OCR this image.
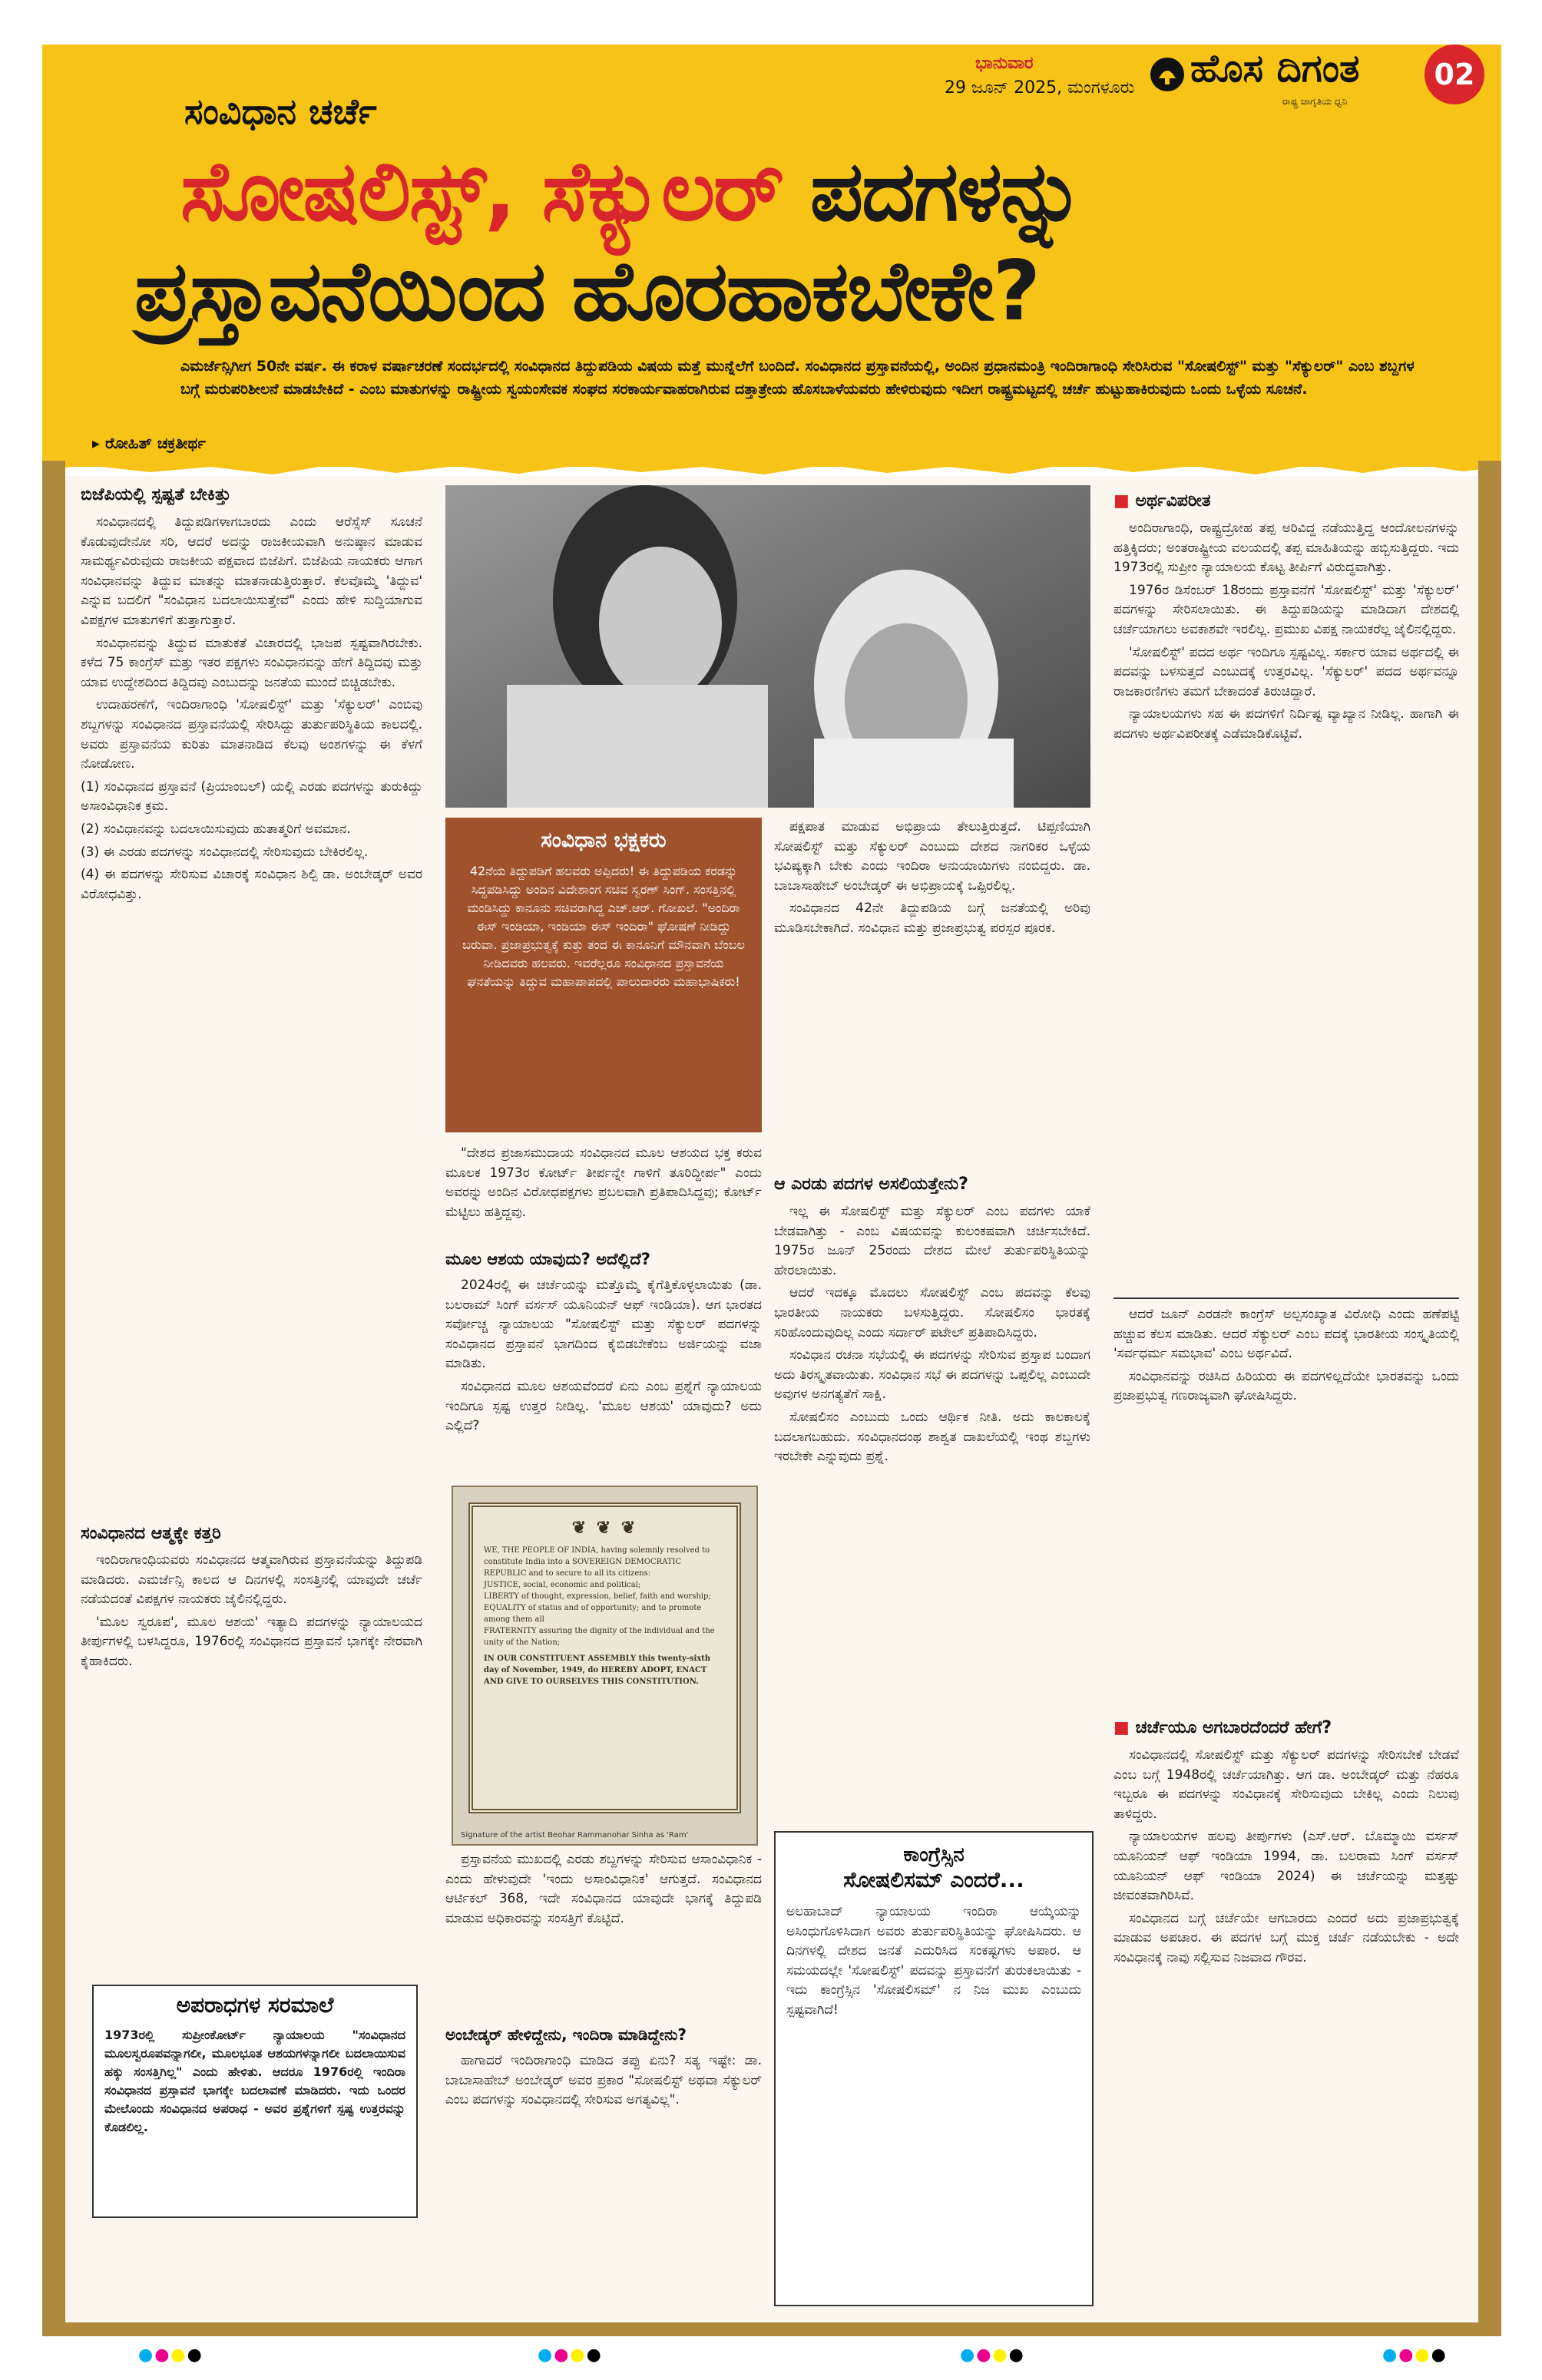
ಭಾನುವಾರ
29 ಜೂನ್ 2025, ಮಂಗಳೂರು ಹೊಸ ದಿಗಂತ
ರಾಷ್ಟ್ರ ಜಾಗೃತಿಯ ಧ್ವನಿ
02
ಸಂವಿಧಾನ ಚರ್ಚೆ
ಸೋಷಲಿಸ್ಟ್, ಸೆಕ್ಯುಲರ್ ಪದಗಳನ್ನು
ಪ್ರಸ್ತಾವನೆಯಿಂದ ಹೊರಹಾಕಬೇಕೇ?
ಎಮರ್ಜೆನ್ಸಿಗೀಗ 50ನೇ ವರ್ಷ. ಈ ಕರಾಳ ವರ್ಷಾಚರಣೆ ಸಂದರ್ಭದಲ್ಲಿ ಸಂವಿಧಾನದ ತಿದ್ದುಪಡಿಯ ವಿಷಯ ಮತ್ತೆ ಮುನ್ನೆಲೆಗೆ ಬಂದಿದೆ. ಸಂವಿಧಾನದ ಪ್ರಸ್ತಾವನೆಯಲ್ಲಿ, ಅಂದಿನ ಪ್ರಧಾನಮಂತ್ರಿ ಇಂದಿರಾಗಾಂಧಿ ಸೇರಿಸಿರುವ "ಸೋಷಲಿಸ್ಟ್" ಮತ್ತು "ಸೆಕ್ಯುಲರ್" ಎಂಬ ಶಬ್ದಗಳ ಬಗ್ಗೆ ಮರುಪರಿಶೀಲನೆ ಮಾಡಬೇಕಿದೆ - ಎಂಬ ಮಾತುಗಳನ್ನು ರಾಷ್ಟ್ರೀಯ ಸ್ವಯಂಸೇವಕ ಸಂಘದ ಸರಕಾರ್ಯವಾಹರಾಗಿರುವ ದತ್ತಾತ್ರೇಯ ಹೊಸಬಾಳೆಯವರು ಹೇಳಿರುವುದು ಇದೀಗ ರಾಷ್ಟ್ರಮಟ್ಟದಲ್ಲಿ ಚರ್ಚೆ ಹುಟ್ಟುಹಾಕಿರುವುದು ಒಂದು ಒಳ್ಳೆಯ ಸೂಚನೆ.
▸ ರೋಹಿತ್ ಚಕ್ರತೀರ್ಥ
ಬಿಜೆಪಿಯಲ್ಲಿ ಸ್ಪಷ್ಟತೆ ಬೇಕಿತ್ತು

ಸಂವಿಧಾನದಲ್ಲಿ ತಿದ್ದುಪಡಿಗಳಾಗಬಾರದು ಎಂದು ಆರೆಸ್ಸೆಸ್ ಸೂಚನೆ ಕೊಡುವುದೇನೋ ಸರಿ, ಆದರೆ ಅದನ್ನು ರಾಜಕೀಯವಾಗಿ ಅನುಷ್ಠಾನ ಮಾಡುವ ಸಾಮರ್ಥ್ಯವಿರುವುದು ರಾಜಕೀಯ ಪಕ್ಷವಾದ ಬಿಜೆಪಿಗೆ. ಬಿಜೆಪಿಯ ನಾಯಕರು ಆಗಾಗ ಸಂವಿಧಾನವನ್ನು ತಿದ್ದುವ ಮಾತನ್ನು ಮಾತನಾಡುತ್ತಿರುತ್ತಾರೆ. ಕೆಲವೊಮ್ಮೆ 'ತಿದ್ದುವ' ಎನ್ನುವ ಬದಲಿಗೆ "ಸಂವಿಧಾನ ಬದಲಾಯಿಸುತ್ತೇವೆ" ಎಂದು ಹೇಳಿ ಸುದ್ದಿಯಾಗುವ ವಿಪಕ್ಷಗಳ ಮಾತುಗಳಿಗೆ ತುತ್ತಾಗುತ್ತಾರೆ.

ಸಂವಿಧಾನವನ್ನು ತಿದ್ದುವ ಮಾತುಕತೆ ವಿಚಾರದಲ್ಲಿ ಭಾಜಪ ಸ್ಪಷ್ಟವಾಗಿರಬೇಕು. ಕಳೆದ 75 ಕಾಂಗ್ರೆಸ್ ಮತ್ತು ಇತರ ಪಕ್ಷಗಳು ಸಂವಿಧಾನವನ್ನು ಹೇಗೆ ತಿದ್ದಿದವು ಮತ್ತು ಯಾವ ಉದ್ದೇಶದಿಂದ ತಿದ್ದಿದವು ಎಂಬುದನ್ನು ಜನತೆಯ ಮುಂದೆ ಬಿಚ್ಚಿಡಬೇಕು.

ಉದಾಹರಣೆಗೆ, ಇಂದಿರಾಗಾಂಧಿ 'ಸೋಷಲಿಸ್ಟ್' ಮತ್ತು 'ಸೆಕ್ಯುಲರ್' ಎಂಬಿವು ಶಬ್ದಗಳನ್ನು ಸಂವಿಧಾನದ ಪ್ರಸ್ತಾವನೆಯಲ್ಲಿ ಸೇರಿಸಿದ್ದು ತುರ್ತುಪರಿಸ್ಥಿತಿಯ ಕಾಲದಲ್ಲಿ. ಅವರು ಪ್ರಸ್ತಾವನೆಯ ಕುರಿತು ಮಾತನಾಡಿದ ಕೆಲವು ಅಂಶಗಳನ್ನು ಈ ಕೆಳಗೆ ನೋಡೋಣ.

(1) ಸಂವಿಧಾನದ ಪ್ರಸ್ತಾವನೆ (ಪ್ರಿಯಾಂಬಲ್) ಯಲ್ಲಿ ಎರಡು ಪದಗಳನ್ನು ತುರುಕಿದ್ದು ಅಸಾಂವಿಧಾನಿಕ ಕ್ರಮ.

(2) ಸಂವಿಧಾನವನ್ನು ಬದಲಾಯಿಸುವುದು ಹುತಾತ್ಮರಿಗೆ ಅವಮಾನ.

(3) ಈ ಎರಡು ಪದಗಳನ್ನು ಸಂವಿಧಾನದಲ್ಲಿ ಸೇರಿಸುವುದು ಬೇಕಿರಲಿಲ್ಲ.

(4) ಈ ಪದಗಳನ್ನು ಸೇರಿಸುವ ವಿಚಾರಕ್ಕೆ ಸಂವಿಧಾನ ಶಿಲ್ಪಿ ಡಾ. ಅಂಬೇಡ್ಕರ್ ಅವರ ವಿರೋಧವಿತ್ತು.

ಸಂವಿಧಾನದ ಆತ್ಮಕ್ಕೇ ಕತ್ತರಿ

ಇಂದಿರಾಗಾಂಧಿಯವರು ಸಂವಿಧಾನದ ಆತ್ಮವಾಗಿರುವ ಪ್ರಸ್ತಾವನೆಯನ್ನು ತಿದ್ದುಪಡಿ ಮಾಡಿದರು. ಎಮರ್ಜೆನ್ಸಿ ಕಾಲದ ಆ ದಿನಗಳಲ್ಲಿ ಸಂಸತ್ತಿನಲ್ಲಿ ಯಾವುದೇ ಚರ್ಚೆ ನಡೆಯದಂತೆ ವಿಪಕ್ಷಗಳ ನಾಯಕರು ಜೈಲಿನಲ್ಲಿದ್ದರು.

'ಮೂಲ ಸ್ವರೂಪ', ಮೂಲ ಆಶಯ' ಇತ್ಯಾದಿ ಪದಗಳನ್ನು ನ್ಯಾಯಾಲಯದ ತೀರ್ಪುಗಳಲ್ಲಿ ಬಳಸಿದ್ದರೂ, 1976ರಲ್ಲಿ ಸಂವಿಧಾನದ ಪ್ರಸ್ತಾವನೆ ಭಾಗಕ್ಕೇ ನೇರವಾಗಿ ಕೈಹಾಕಿದರು.

ಅಪರಾಧಗಳ ಸರಮಾಲೆ
1973ರಲ್ಲಿ ಸುಪ್ರೀಂಕೋರ್ಟ್ ನ್ಯಾಯಾಲಯ "ಸಂವಿಧಾನದ ಮೂಲಸ್ವರೂಪವನ್ನಾಗಲೀ, ಮೂಲಭೂತ ಆಶಯಗಳನ್ನಾಗಲೀ ಬದಲಾಯಿಸುವ ಹಕ್ಕು ಸಂಸತ್ತಿಗಿಲ್ಲ" ಎಂದು ಹೇಳಿತು. ಆದರೂ 1976ರಲ್ಲಿ ಇಂದಿರಾ ಸಂವಿಧಾನದ ಪ್ರಸ್ತಾವನೆ ಭಾಗಕ್ಕೇ ಬದಲಾವಣೆ ಮಾಡಿದರು. ಇದು ಒಂದರ ಮೇಲೊಂದು ಸಂವಿಧಾನದ ಅಪರಾಧ - ಅವರ ಪ್ರಶ್ನೆಗಳಿಗೆ ಸ್ಪಷ್ಟ ಉತ್ತರವನ್ನು ಕೊಡಲಿಲ್ಲ.
ಸಂವಿಧಾನ ಭಕ್ಷಕರು
42ನೆಯ ತಿದ್ದುಪಡಿಗೆ ಹಲವರು ಅಪ್ಪಿದರು! ಈ ತಿದ್ದುಪಡಿಯ ಕರಡನ್ನು ಸಿದ್ಧಪಡಿಸಿದ್ದು ಅಂದಿನ ವಿದೇಶಾಂಗ ಸಚಿವ ಸ್ವರಣ್ ಸಿಂಗ್. ಸಂಸತ್ತಿನಲ್ಲಿ ಮಂಡಿಸಿದ್ದು ಕಾನೂನು ಸಚಿವರಾಗಿದ್ದ ಎಚ್.ಆರ್. ಗೋಖಲೆ. "ಅಂದಿರಾ ಈಸ್ ಇಂಡಿಯಾ, ಇಂಡಿಯಾ ಈಸ್ ಇಂದಿರಾ" ಘೋಷಣೆ ನೀಡಿದ್ದು ಬರುವಾ. ಪ್ರಜಾಪ್ರಭುತ್ವಕ್ಕೆ ಕುತ್ತು ತಂದ ಈ ಕಾನೂನಿಗೆ ಮೌನವಾಗಿ ಬೆಂಬಲ ನೀಡಿದವರು ಹಲವರು. ಇವರೆಲ್ಲರೂ ಸಂವಿಧಾನದ ಪ್ರಸ್ತಾವನೆಯ ಘನತೆಯನ್ನು ತಿದ್ದುವ ಮಹಾಪಾಪದಲ್ಲಿ ಪಾಲುದಾರರು ಮಹಾಭಾಷಿಕರು!

"ದೇಶದ ಪ್ರಜಾಸಮುದಾಯ ಸಂವಿಧಾನದ ಮೂಲ ಆಶಯದ ಭಕ್ತ ಕರುವ ಮೂಲಕ 1973ರ ಕೋರ್ಟ್ ತೀರ್ಪನ್ನೇ ಗಾಳಿಗೆ ತೂರಿದ್ದೀರ್ಪ" ಎಂದು ಅವರನ್ನು ಅಂದಿನ ವಿರೋಧಪಕ್ಷಗಳು ಪ್ರಬಲವಾಗಿ ಪ್ರತಿಪಾದಿಸಿದ್ದವು; ಕೋರ್ಟ್ ಮೆಟ್ಟಿಲು ಹತ್ತಿದ್ದವು.

ಮೂಲ ಆಶಯ ಯಾವುದು? ಅದೆಲ್ಲಿದೆ?

2024ರಲ್ಲಿ ಈ ಚರ್ಚೆಯನ್ನು ಮತ್ತೊಮ್ಮೆ ಕೈಗೆತ್ತಿಕೊಳ್ಳಲಾಯಿತು (ಡಾ. ಬಲರಾಮ್ ಸಿಂಗ್ ವರ್ಸಸ್ ಯೂನಿಯನ್ ಆಫ್ ಇಂಡಿಯಾ). ಆಗ ಭಾರತದ ಸರ್ವೋಚ್ಚ ನ್ಯಾಯಾಲಯ "ಸೋಷಲಿಸ್ಟ್ ಮತ್ತು ಸೆಕ್ಯುಲರ್ ಪದಗಳನ್ನು ಸಂವಿಧಾನದ ಪ್ರಸ್ತಾವನೆ ಭಾಗದಿಂದ ಕೈಬಿಡಬೇಕೆಂಬ ಅರ್ಜಿಯನ್ನು ವಜಾ ಮಾಡಿತು.

ಸಂವಿಧಾನದ ಮೂಲ ಆಶಯವೆಂದರೆ ಏನು ಎಂಬ ಪ್ರಶ್ನೆಗೆ ನ್ಯಾಯಾಲಯ ಇಂದಿಗೂ ಸ್ಪಷ್ಟ ಉತ್ತರ ನೀಡಿಲ್ಲ. 'ಮೂಲ ಆಶಯ' ಯಾವುದು? ಅದು ಎಲ್ಲಿದೆ?

❦ ❦ ❦
WE, THE PEOPLE OF INDIA, having solemnly resolved to constitute India into a SOVEREIGN DEMOCRATIC REPUBLIC and to secure to all its citizens:
JUSTICE, social, economic and political;
LIBERTY of thought, expression, belief, faith and worship;
EQUALITY of status and of opportunity; and to promote among them all
FRATERNITY assuring the dignity of the individual and the unity of the Nation;
IN OUR CONSTITUENT ASSEMBLY this twenty-sixth day of November, 1949, do HEREBY ADOPT, ENACT AND GIVE TO OURSELVES THIS CONSTITUTION.
Signature of the artist Beohar Rammanohar Sinha as 'Ram'

ಪ್ರಸ್ತಾವನೆಯ ಮುಖದಲ್ಲಿ ಎರಡು ಶಬ್ದಗಳನ್ನು ಸೇರಿಸುವ ಆಸಾಂವಿಧಾನಿಕ - ಎಂದು ಹೇಳುವುದೇ 'ಇಂದು ಅಸಾಂವಿಧಾನಿಕ' ಆಗುತ್ತದೆ. ಸಂವಿಧಾನದ ಆರ್ಟಿಕಲ್ 368, ಇದೇ ಸಂವಿಧಾನದ ಯಾವುದೇ ಭಾಗಕ್ಕೆ ತಿದ್ದುಪಡಿ ಮಾಡುವ ಅಧಿಕಾರವನ್ನು ಸಂಸತ್ತಿಗೆ ಕೊಟ್ಟಿದೆ.

ಅಂಬೇಡ್ಕರ್ ಹೇಳಿದ್ದೇನು, ಇಂದಿರಾ ಮಾಡಿದ್ದೇನು?

ಹಾಗಾದರೆ ಇಂದಿರಾಗಾಂಧಿ ಮಾಡಿದ ತಪ್ಪು ಏನು? ಸತ್ಯ ಇಷ್ಟೇ: ಡಾ. ಬಾಬಾಸಾಹೇಬ್ ಅಂಬೇಡ್ಕರ್ ಅವರ ಪ್ರಕಾರ "ಸೋಷಲಿಸ್ಟ್ ಅಥವಾ ಸೆಕ್ಯುಲರ್ ಎಂಬ ಪದಗಳನ್ನು ಸಂವಿಧಾನದಲ್ಲಿ ಸೇರಿಸುವ ಅಗತ್ಯವಿಲ್ಲ".

ಪಕ್ಷಪಾತ ಮಾಡುವ ಅಭಿಪ್ರಾಯ ತೇಲುತ್ತಿರುತ್ತದೆ. ಟಿಪ್ಪಣಿಯಾಗಿ ಸೋಷಲಿಸ್ಟ್ ಮತ್ತು ಸೆಕ್ಯುಲರ್ ಎಂಬುದು ದೇಶದ ನಾಗರಿಕರ ಒಳ್ಳೆಯ ಭವಿಷ್ಯಕ್ಕಾಗಿ ಬೇಕು ಎಂದು ಇಂದಿರಾ ಅನುಯಾಯಿಗಳು ನಂಬಿದ್ದರು. ಡಾ. ಬಾಬಾಸಾಹೇಬ್ ಅಂಬೇಡ್ಕರ್ ಈ ಅಭಿಪ್ರಾಯಕ್ಕೆ ಒಪ್ಪಿರಲಿಲ್ಲ.

ಸಂವಿಧಾನದ 42ನೇ ತಿದ್ದುಪಡಿಯ ಬಗ್ಗೆ ಜನತೆಯಲ್ಲಿ ಅರಿವು ಮೂಡಿಸಬೇಕಾಗಿದೆ. ಸಂವಿಧಾನ ಮತ್ತು ಪ್ರಜಾಪ್ರಭುತ್ವ ಪರಸ್ಪರ ಪೂರಕ.

ಆ ಎರಡು ಪದಗಳ ಅಸಲಿಯತ್ತೇನು?

ಇಲ್ಲ ಈ ಸೋಷಲಿಸ್ಟ್ ಮತ್ತು ಸೆಕ್ಯುಲರ್ ಎಂಬ ಪದಗಳು ಯಾಕೆ ಬೇಡವಾಗಿತ್ತು - ಎಂಬ ವಿಷಯವನ್ನು ಕುಲಂಕಷವಾಗಿ ಚರ್ಚಿಸಬೇಕಿದೆ. 1975ರ ಜೂನ್ 25ರಂದು ದೇಶದ ಮೇಲೆ ತುರ್ತುಪರಿಸ್ಥಿತಿಯನ್ನು ಹೇರಲಾಯಿತು.

ಆದರೆ ಇದಕ್ಕೂ ಮೊದಲು ಸೋಷಲಿಸ್ಟ್ ಎಂಬ ಪದವನ್ನು ಕೆಲವು ಭಾರತೀಯ ನಾಯಕರು ಬಳಸುತ್ತಿದ್ದರು. ಸೋಷಲಿಸಂ ಭಾರತಕ್ಕೆ ಸರಿಹೊಂದುವುದಿಲ್ಲ ಎಂದು ಸರ್ದಾರ್ ಪಟೇಲ್ ಪ್ರತಿಪಾದಿಸಿದ್ದರು.

ಸಂವಿಧಾನ ರಚನಾ ಸಭೆಯಲ್ಲಿ ಈ ಪದಗಳನ್ನು ಸೇರಿಸುವ ಪ್ರಸ್ತಾಪ ಬಂದಾಗ ಅದು ತಿರಸ್ಕೃತವಾಯಿತು. ಸಂವಿಧಾನ ಸಭೆ ಈ ಪದಗಳನ್ನು ಒಪ್ಪಲಿಲ್ಲ ಎಂಬುದೇ ಅವುಗಳ ಅನಗತ್ಯತೆಗೆ ಸಾಕ್ಷಿ.

ಸೋಷಲಿಸಂ ಎಂಬುದು ಒಂದು ಆರ್ಥಿಕ ನೀತಿ. ಅದು ಕಾಲಕಾಲಕ್ಕೆ ಬದಲಾಗಬಹುದು. ಸಂವಿಧಾನದಂಥ ಶಾಶ್ವತ ದಾಖಲೆಯಲ್ಲಿ ಇಂಥ ಶಬ್ದಗಳು ಇರಬೇಕೇ ಎನ್ನುವುದು ಪ್ರಶ್ನೆ.

ಕಾಂಗ್ರೆಸ್ಸಿನ
ಸೋಷಲಿಸಮ್ ಎಂದರೆ...
ಅಲಹಾಬಾದ್ ನ್ಯಾಯಾಲಯ ಇಂದಿರಾ ಆಯ್ಕೆಯನ್ನು ಅಸಿಂಧುಗೊಳಿಸಿದಾಗ ಅವರು ತುರ್ತುಪರಿಸ್ಥಿತಿಯನ್ನು ಘೋಷಿಸಿದರು. ಆ ದಿನಗಳಲ್ಲಿ ದೇಶದ ಜನತೆ ಎದುರಿಸಿದ ಸಂಕಷ್ಟಗಳು ಅಪಾರ. ಆ ಸಮಯದಲ್ಲೇ 'ಸೋಷಲಿಸ್ಟ್' ಪದವನ್ನು ಪ್ರಸ್ತಾವನೆಗೆ ತುರುಕಲಾಯಿತು - ಇದು ಕಾಂಗ್ರೆಸ್ಸಿನ 'ಸೋಷಲಿಸಮ್' ನ ನಿಜ ಮುಖ ಎಂಬುದು ಸ್ಪಷ್ಟವಾಗಿದೆ!
■ ಅರ್ಥವಿಪರೀತ

ಅಂದಿರಾಗಾಂಧಿ, ರಾಷ್ಟ್ರದ್ರೋಹ ತಪ್ಪ ಅರಿವಿದ್ದ ನಡೆಯುತ್ತಿದ್ದ ಆಂದೋಲನಗಳನ್ನು ಹತ್ತಿಕ್ಕಿದರು; ಅಂತರಾಷ್ಟ್ರೀಯ ವಲಯದಲ್ಲಿ ತಪ್ಪ ಮಾಹಿತಿಯನ್ನು ಹಬ್ಬಿಸುತ್ತಿದ್ದರು. ಇದು 1973ರಲ್ಲಿ ಸುಪ್ರೀಂ ನ್ಯಾಯಾಲಯ ಕೊಟ್ಟ ತೀರ್ಪಿಗೆ ವಿರುದ್ಧವಾಗಿತ್ತು.

1976ರ ಡಿಸೆಂಬರ್ 18ರಂದು ಪ್ರಸ್ತಾವನೆಗೆ 'ಸೋಷಲಿಸ್ಟ್' ಮತ್ತು 'ಸೆಕ್ಯುಲರ್' ಪದಗಳನ್ನು ಸೇರಿಸಲಾಯಿತು. ಈ ತಿದ್ದುಪಡಿಯನ್ನು ಮಾಡಿದಾಗ ದೇಶದಲ್ಲಿ ಚರ್ಚೆಯಾಗಲು ಅವಕಾಶವೇ ಇರಲಿಲ್ಲ. ಪ್ರಮುಖ ವಿಪಕ್ಷ ನಾಯಕರೆಲ್ಲ ಜೈಲಿನಲ್ಲಿದ್ದರು.

'ಸೋಷಲಿಸ್ಟ್' ಪದದ ಅರ್ಥ ಇಂದಿಗೂ ಸ್ಪಷ್ಟವಿಲ್ಲ. ಸರ್ಕಾರ ಯಾವ ಅರ್ಥದಲ್ಲಿ ಈ ಪದವನ್ನು ಬಳಸುತ್ತದೆ ಎಂಬುದಕ್ಕೆ ಉತ್ತರವಿಲ್ಲ. 'ಸೆಕ್ಯುಲರ್' ಪದದ ಅರ್ಥವನ್ನೂ ರಾಜಕಾರಣಿಗಳು ತಮಗೆ ಬೇಕಾದಂತೆ ತಿರುಚಿದ್ದಾರೆ.

ನ್ಯಾಯಾಲಯಗಳು ಸಹ ಈ ಪದಗಳಿಗೆ ನಿರ್ದಿಷ್ಟ ವ್ಯಾಖ್ಯಾನ ನೀಡಿಲ್ಲ. ಹಾಗಾಗಿ ಈ ಪದಗಳು ಅರ್ಥವಿಪರೀತಕ್ಕೆ ಎಡೆಮಾಡಿಕೊಟ್ಟಿವೆ.

ಆದರೆ ಜೂನ್ ಎರಡನೇ ಕಾಂಗ್ರೆಸ್ ಅಲ್ಪಸಂಖ್ಯಾತ ವಿರೋಧಿ ಎಂದು ಹಣೆಪಟ್ಟಿ ಹಚ್ಚುವ ಕೆಲಸ ಮಾಡಿತು. ಆದರೆ ಸೆಕ್ಯುಲರ್ ಎಂಬ ಪದಕ್ಕೆ ಭಾರತೀಯ ಸಂಸ್ಕೃತಿಯಲ್ಲಿ 'ಸರ್ವಧರ್ಮ ಸಮಭಾವ' ಎಂಬ ಅರ್ಥವಿದೆ.

ಸಂವಿಧಾನವನ್ನು ರಚಿಸಿದ ಹಿರಿಯರು ಈ ಪದಗಳಿಲ್ಲದೆಯೇ ಭಾರತವನ್ನು ಒಂದು ಪ್ರಜಾಪ್ರಭುತ್ವ ಗಣರಾಜ್ಯವಾಗಿ ಘೋಷಿಸಿದ್ದರು.

■ ಚರ್ಚೆಯೂ ಅಗಬಾರದೆಂದರೆ ಹೇಗೆ?

ಸಂವಿಧಾನದಲ್ಲಿ ಸೋಷಲಿಸ್ಟ್ ಮತ್ತು ಸೆಕ್ಯುಲರ್ ಪದಗಳನ್ನು ಸೇರಿಸಬೇಕೆ ಬೇಡವೆ ಎಂಬ ಬಗ್ಗೆ 1948ರಲ್ಲಿ ಚರ್ಚೆಯಾಗಿತ್ತು. ಆಗ ಡಾ. ಅಂಬೇಡ್ಕರ್ ಮತ್ತು ನೆಹರೂ ಇಬ್ಬರೂ ಈ ಪದಗಳನ್ನು ಸಂವಿಧಾನಕ್ಕೆ ಸೇರಿಸುವುದು ಬೇಕಿಲ್ಲ ಎಂದು ನಿಲುವು ತಾಳಿದ್ದರು.

ನ್ಯಾಯಾಲಯಗಳ ಹಲವು ತೀರ್ಪುಗಳು (ಎಸ್.ಆರ್. ಬೊಮ್ಮಾಯಿ ವರ್ಸಸ್ ಯೂನಿಯನ್ ಆಫ್ ಇಂಡಿಯಾ 1994, ಡಾ. ಬಲರಾಮ ಸಿಂಗ್ ವರ್ಸಸ್ ಯೂನಿಯನ್ ಆಫ್ ಇಂಡಿಯಾ 2024) ಈ ಚರ್ಚೆಯನ್ನು ಮತ್ತಷ್ಟು ಜೀವಂತವಾಗಿರಿಸಿವೆ.

ಸಂವಿಧಾನದ ಬಗ್ಗೆ ಚರ್ಚೆಯೇ ಆಗಬಾರದು ಎಂದರೆ ಅದು ಪ್ರಜಾಪ್ರಭುತ್ವಕ್ಕೆ ಮಾಡುವ ಅಪಚಾರ. ಈ ಪದಗಳ ಬಗ್ಗೆ ಮುಕ್ತ ಚರ್ಚೆ ನಡೆಯಬೇಕು - ಅದೇ ಸಂವಿಧಾನಕ್ಕೆ ನಾವು ಸಲ್ಲಿಸುವ ನಿಜವಾದ ಗೌರವ.

●●●●	●●●●	●●●●	●●●●
